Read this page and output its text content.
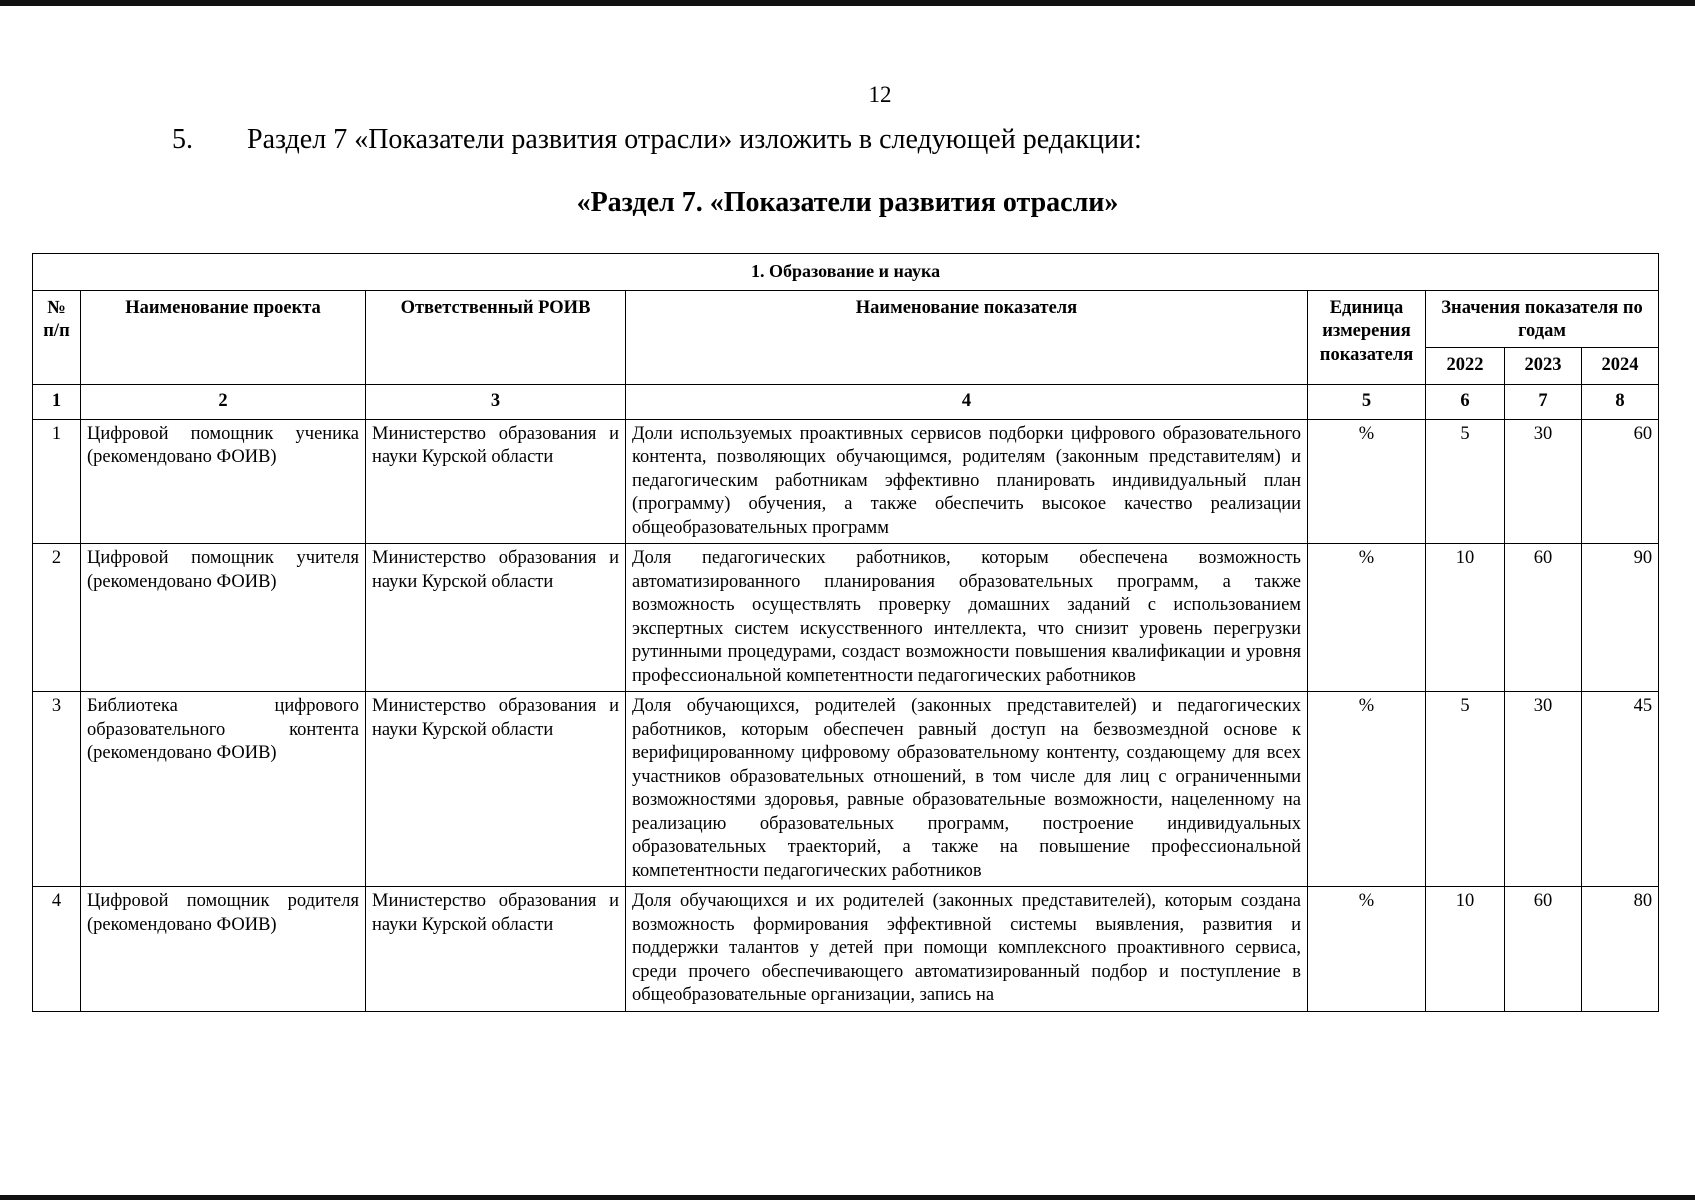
12
5. Раздел 7 «Показатели развития отрасли» изложить в следующей редакции:
«Раздел 7. «Показатели развития отрасли»
1. Образование и наука							
№ п/п	Наименование проекта	Ответственный РОИВ	Наименование показателя	Единица измерения показателя	Значения показателя по годам		
					2022	2023	2024
1	2	3	4	5	6	7	8
1	Цифровой помощник ученика (рекомендовано ФОИВ)	Министерство образования и науки Курской области	Доли используемых проактивных сервисов подборки цифрового образовательного контента, позволяющих обучающимся, родителям (законным представителям) и педагогическим работникам эффективно планировать индивидуальный план (программу) обучения, а также обеспечить высокое качество реализации общеобразовательных программ	%	5	30	60
2	Цифровой помощник учителя (рекомендовано ФОИВ)	Министерство образования и науки Курской области	Доля педагогических работников, которым обеспечена возможность автоматизированного планирования образовательных программ, а также возможность осуществлять проверку домашних заданий с использованием экспертных систем искусственного интеллекта, что снизит уровень перегрузки рутинными процедурами, создаст возможности повышения квалификации и уровня профессиональной компетентности педагогических работников	%	10	60	90
3	Библиотека цифрового образовательного контента (рекомендовано ФОИВ)	Министерство образования и науки Курской области	Доля обучающихся, родителей (законных представителей) и педагогических работников, которым обеспечен равный доступ на безвозмездной основе к верифицированному цифровому образовательному контенту, создающему для всех участников образовательных отношений, в том числе для лиц с ограниченными возможностями здоровья, равные образовательные возможности, нацеленному на реализацию образовательных программ, построение индивидуальных образовательных траекторий, а также на повышение профессиональной компетентности педагогических работников	%	5	30	45
4	Цифровой помощник родителя (рекомендовано ФОИВ)	Министерство образования и науки Курской области	Доля обучающихся и их родителей (законных представителей), которым создана возможность формирования эффективной системы выявления, развития и поддержки талантов у детей при помощи комплексного проактивного сервиса, среди прочего обеспечивающего автоматизированный подбор и поступление в общеобразовательные организации, запись на	%	10	60	80
